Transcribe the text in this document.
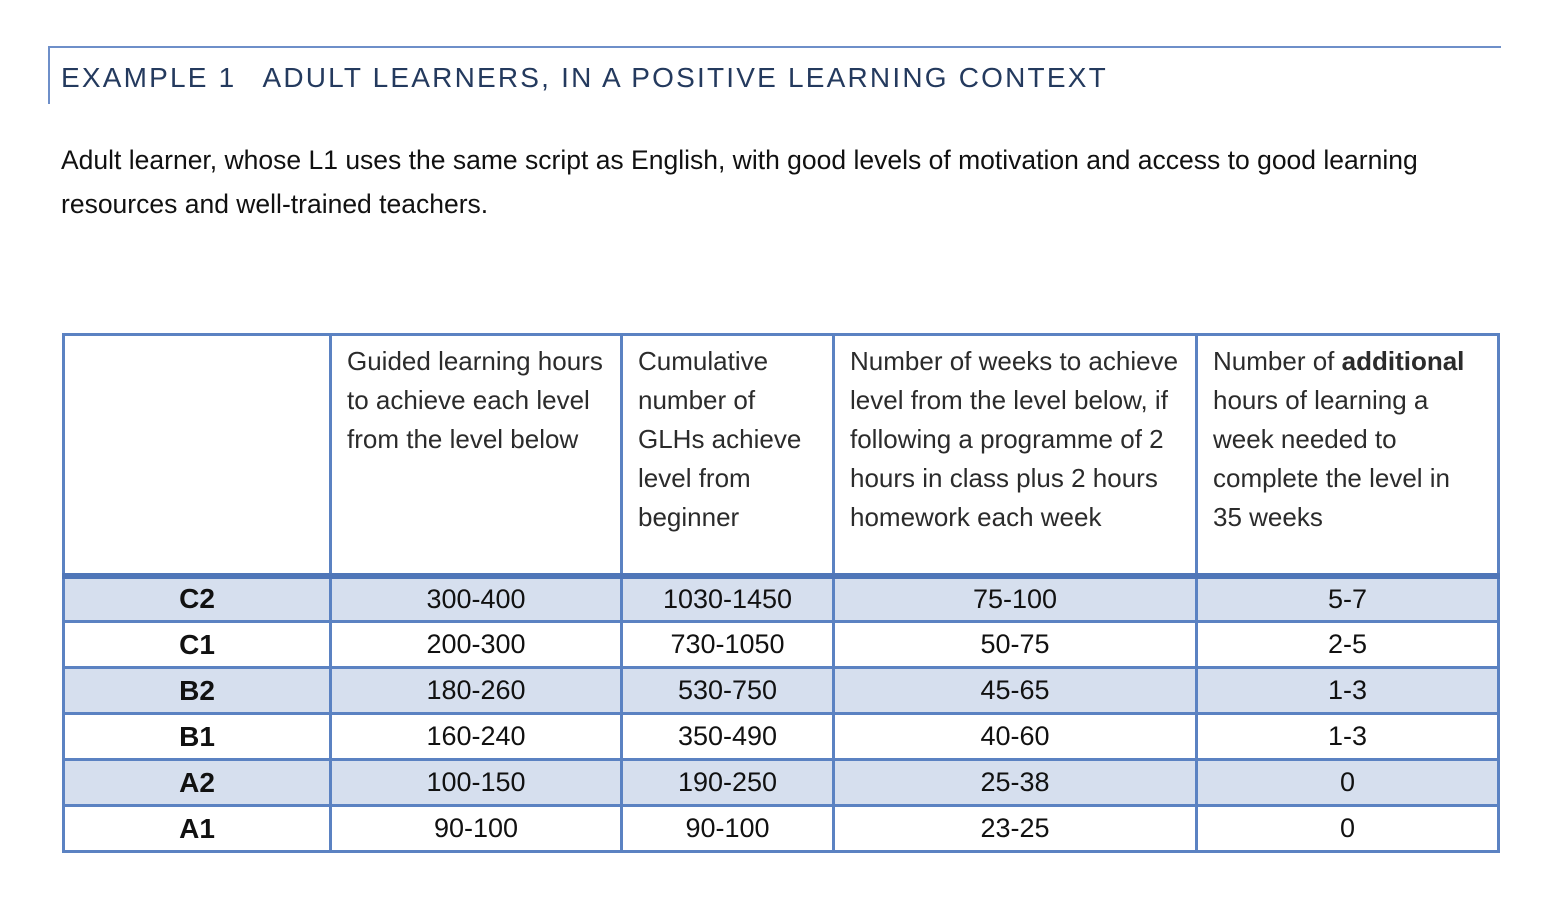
EXAMPLE 1 ADULT LEARNERS, IN A POSITIVE LEARNING CONTEXT
Adult learner, whose L1 uses the same script as English, with good levels of motivation and access to good learning resources and well-trained teachers.
	Guided learning hours to achieve each level from the level below	Cumulative number of GLHs achieve level from beginner	Number of weeks to achieve level from the level below, if following a programme of 2 hours in class plus 2 hours homework each week	Number of additional hours of learning a week needed to complete the level in 35 weeks
C2	300-400	1030-1450	75-100	5-7
C1	200-300	730-1050	50-75	2-5
B2	180-260	530-750	45-65	1-3
B1	160-240	350-490	40-60	1-3
A2	100-150	190-250	25-38	0
A1	90-100	90-100	23-25	0
